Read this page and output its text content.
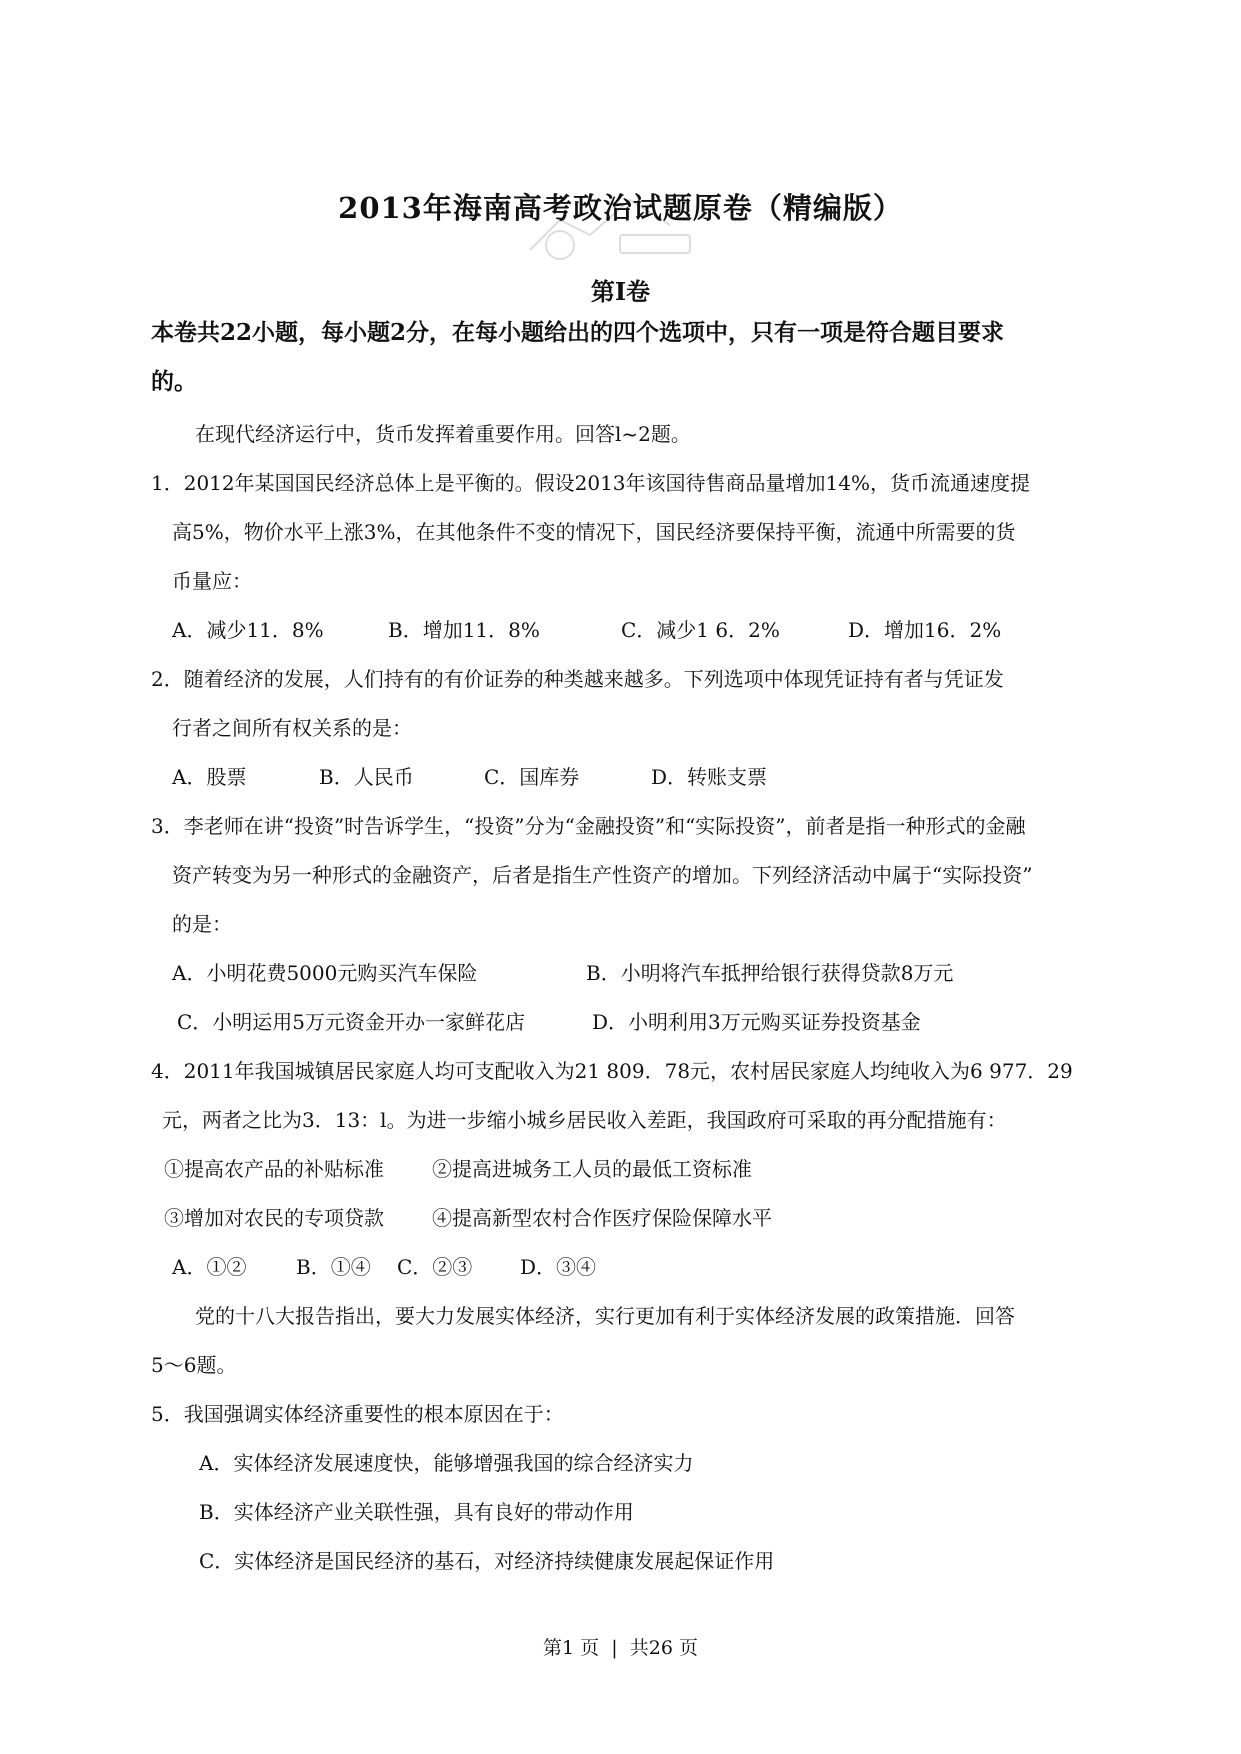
2013年海南高考政治试题原卷（精编版）
第I卷
本卷共22小题，每小题2分，在每小题给出的四个选项中，只有一项是符合题目要求
的。
在现代经济运行中，货币发挥着重要作用。回答l~2题。
1．2012年某国国民经济总体上是平衡的。假设2013年该国待售商品量增加14%，货币流通速度提
高5%，物价水平上涨3%，在其他条件不变的情况下，国民经济要保持平衡，流通中所需要的货
币量应：
A．减少11．8%	B．增加11．8%	C．减少1 6．2%	D．增加16．2%
2．随着经济的发展，人们持有的有价证券的种类越来越多。下列选项中体现凭证持有者与凭证发
行者之间所有权关系的是：
A．股票	B．人民币	C．国库券	D．转账支票
3．李老师在讲“投资”时告诉学生，“投资”分为“金融投资”和“实际投资”，前者是指一种形式的金融
资产转变为另一种形式的金融资产，后者是指生产性资产的增加。下列经济活动中属于“实际投资”
的是：
A．小明花费5000元购买汽车保险	B．小明将汽车抵押给银行获得贷款8万元
C．小明运用5万元资金开办一家鲜花店	D．小明利用3万元购买证券投资基金
4．2011年我国城镇居民家庭人均可支配收入为21 809．78元，农村居民家庭人均纯收入为6 977．29
元，两者之比为3．13：l。为进一步缩小城乡居民收入差距，我国政府可采取的再分配措施有：
①提高农产品的补贴标准 ②提高进城务工人员的最低工资标准
③增加对农民的专项贷款 ④提高新型农村合作医疗保险保障水平
A．①② B．①④ C．②③ D．③④
党的十八大报告指出，要大力发展实体经济，实行更加有利于实体经济发展的政策措施．回答
5～6题。
5．我国强调实体经济重要性的根本原因在于：
A．实体经济发展速度快，能够增强我国的综合经济实力
B．实体经济产业关联性强，具有良好的带动作用
C．实体经济是国民经济的基石，对经济持续健康发展起保证作用
第1 页 | 共26 页
